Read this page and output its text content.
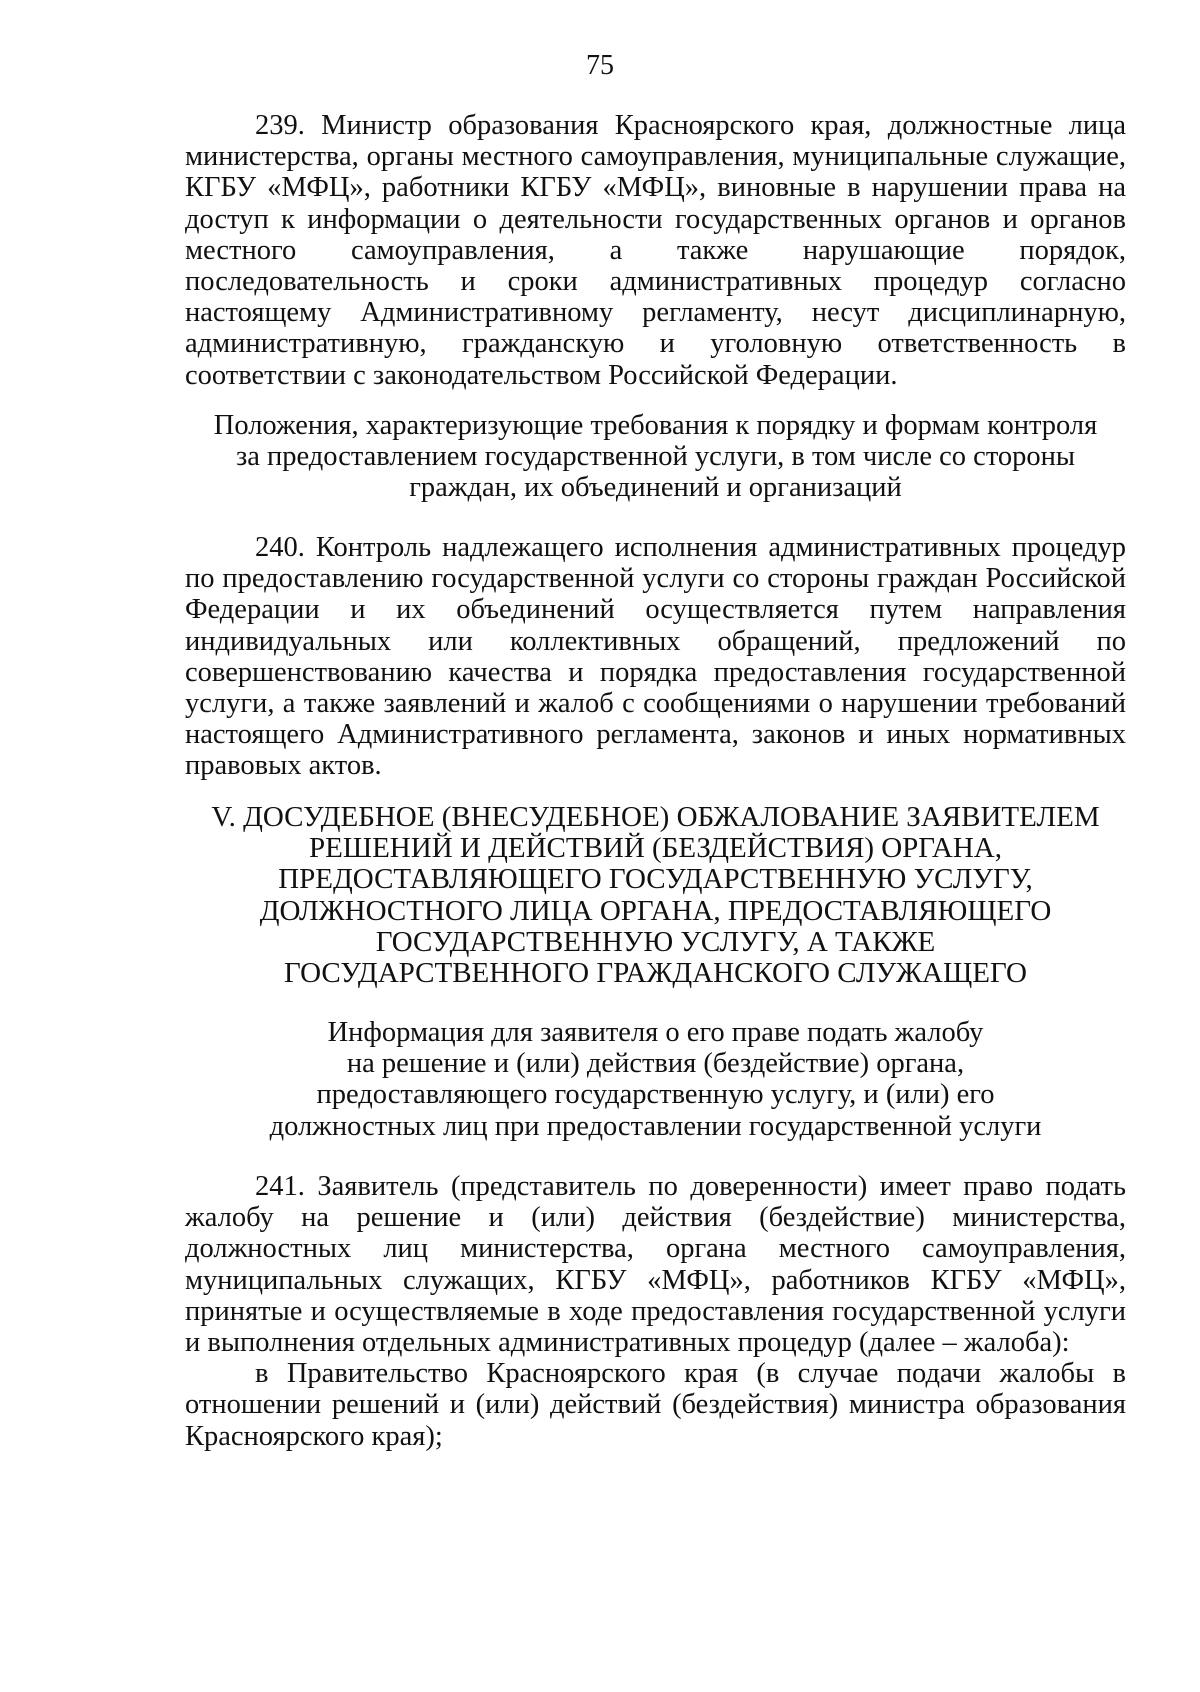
75

239. Министр образования Красноярского края, должностные лица министерства, органы местного самоуправления, муниципальные служащие, КГБУ «МФЦ», работники КГБУ «МФЦ», виновные в нарушении права на доступ к информации о деятельности государственных органов и органов местного самоуправления, а также нарушающие порядок, последовательность и сроки административных процедур согласно настоящему Административному регламенту, несут дисциплинарную, административную, гражданскую и уголовную ответственность в соответствии с законодательством Российской Федерации.

Положения, характеризующие требования к порядку и формам контроля
за предоставлением государственной услуги, в том числе со стороны
граждан, их объединений и организаций

240. Контроль надлежащего исполнения административных процедур по предоставлению государственной услуги со стороны граждан Российской Федерации и их объединений осуществляется путем направления индивидуальных или коллективных обращений, предложений по совершенствованию качества и порядка предоставления государственной услуги, а также заявлений и жалоб с сообщениями о нарушении требований настоящего Административного регламента, законов и иных нормативных правовых актов.

V. ДОСУДЕБНОЕ (ВНЕСУДЕБНОЕ) ОБЖАЛОВАНИЕ ЗАЯВИТЕЛЕМ
РЕШЕНИЙ И ДЕЙСТВИЙ (БЕЗДЕЙСТВИЯ) ОРГАНА,
ПРЕДОСТАВЛЯЮЩЕГО ГОСУДАРСТВЕННУЮ УСЛУГУ,
ДОЛЖНОСТНОГО ЛИЦА ОРГАНА, ПРЕДОСТАВЛЯЮЩЕГО
ГОСУДАРСТВЕННУЮ УСЛУГУ, А ТАКЖЕ
ГОСУДАРСТВЕННОГО ГРАЖДАНСКОГО СЛУЖАЩЕГО

Информация для заявителя о его праве подать жалобу
на решение и (или) действия (бездействие) органа,
предоставляющего государственную услугу, и (или) его
должностных лиц при предоставлении государственной услуги

241. Заявитель (представитель по доверенности) имеет право подать жалобу на решение и (или) действия (бездействие) министерства, должностных лиц министерства, органа местного самоуправления, муниципальных служащих, КГБУ «МФЦ», работников КГБУ «МФЦ», принятые и осуществляемые в ходе предоставления государственной услуги и выполнения отдельных административных процедур (далее – жалоба):

в Правительство Красноярского края (в случае подачи жалобы в отношении решений и (или) действий (бездействия) министра образования Красноярского края);
